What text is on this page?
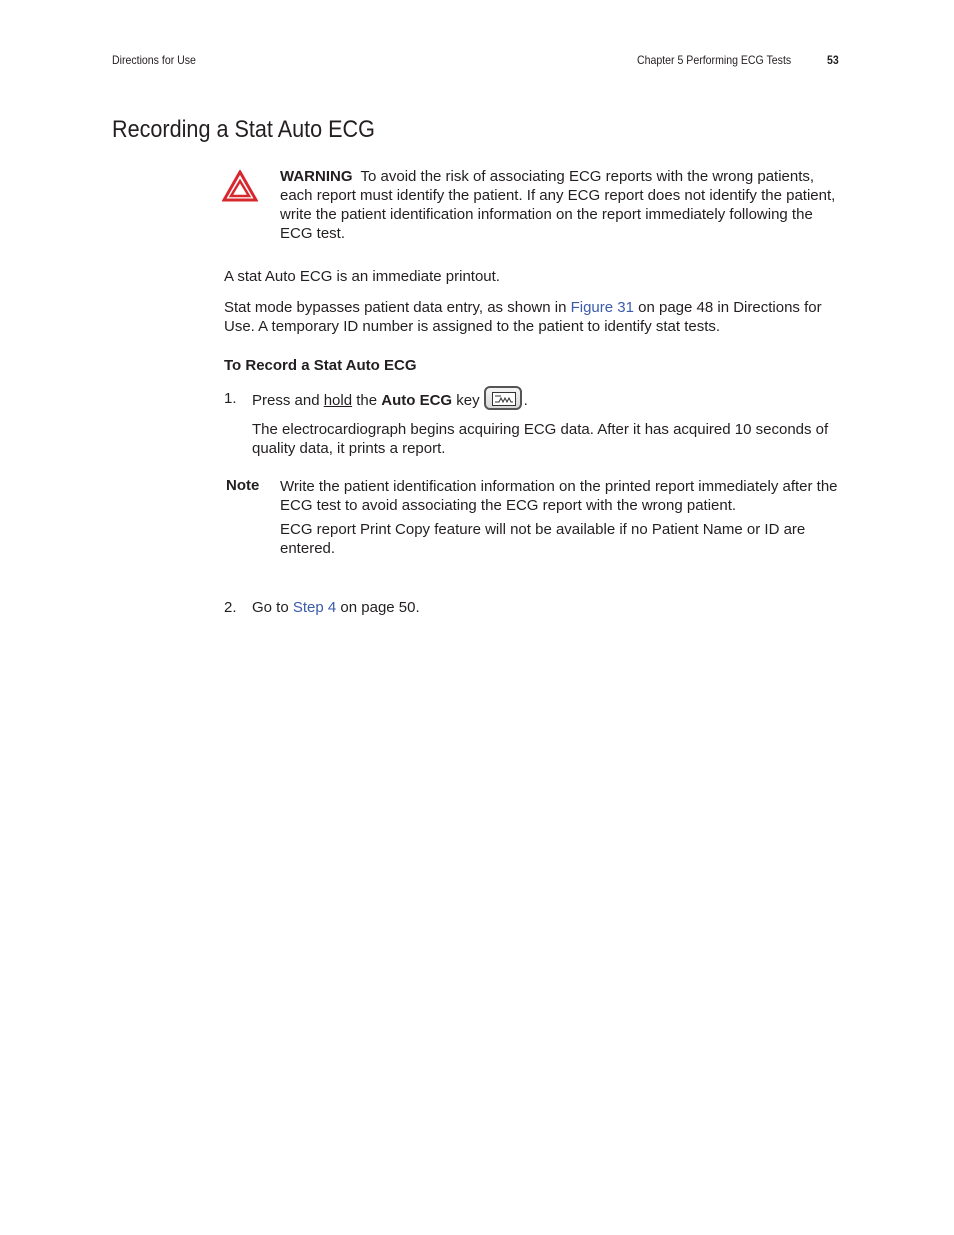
Directions for Use	Chapter 5 Performing ECG Tests	53
Recording a Stat Auto ECG
WARNING To avoid the risk of associating ECG reports with the wrong patients, each report must identify the patient. If any ECG report does not identify the patient, write the patient identification information on the report immediately following the ECG test.

A stat Auto ECG is an immediate printout.

Stat mode bypasses patient data entry, as shown in Figure 31 on page 48 in Directions for Use. A temporary ID number is assigned to the patient to identify stat tests.

To Record a Stat Auto ECG
1. Press and hold the Auto ECG key	.

The electrocardiograph begins acquiring ECG data. After it has acquired 10 seconds of quality data, it prints a report.

Note Write the patient identification information on the printed report immediately after the ECG test to avoid associating the ECG report with the wrong patient.

ECG report Print Copy feature will not be available if no Patient Name or ID are entered.

2. Go to Step 4 on page 50.
